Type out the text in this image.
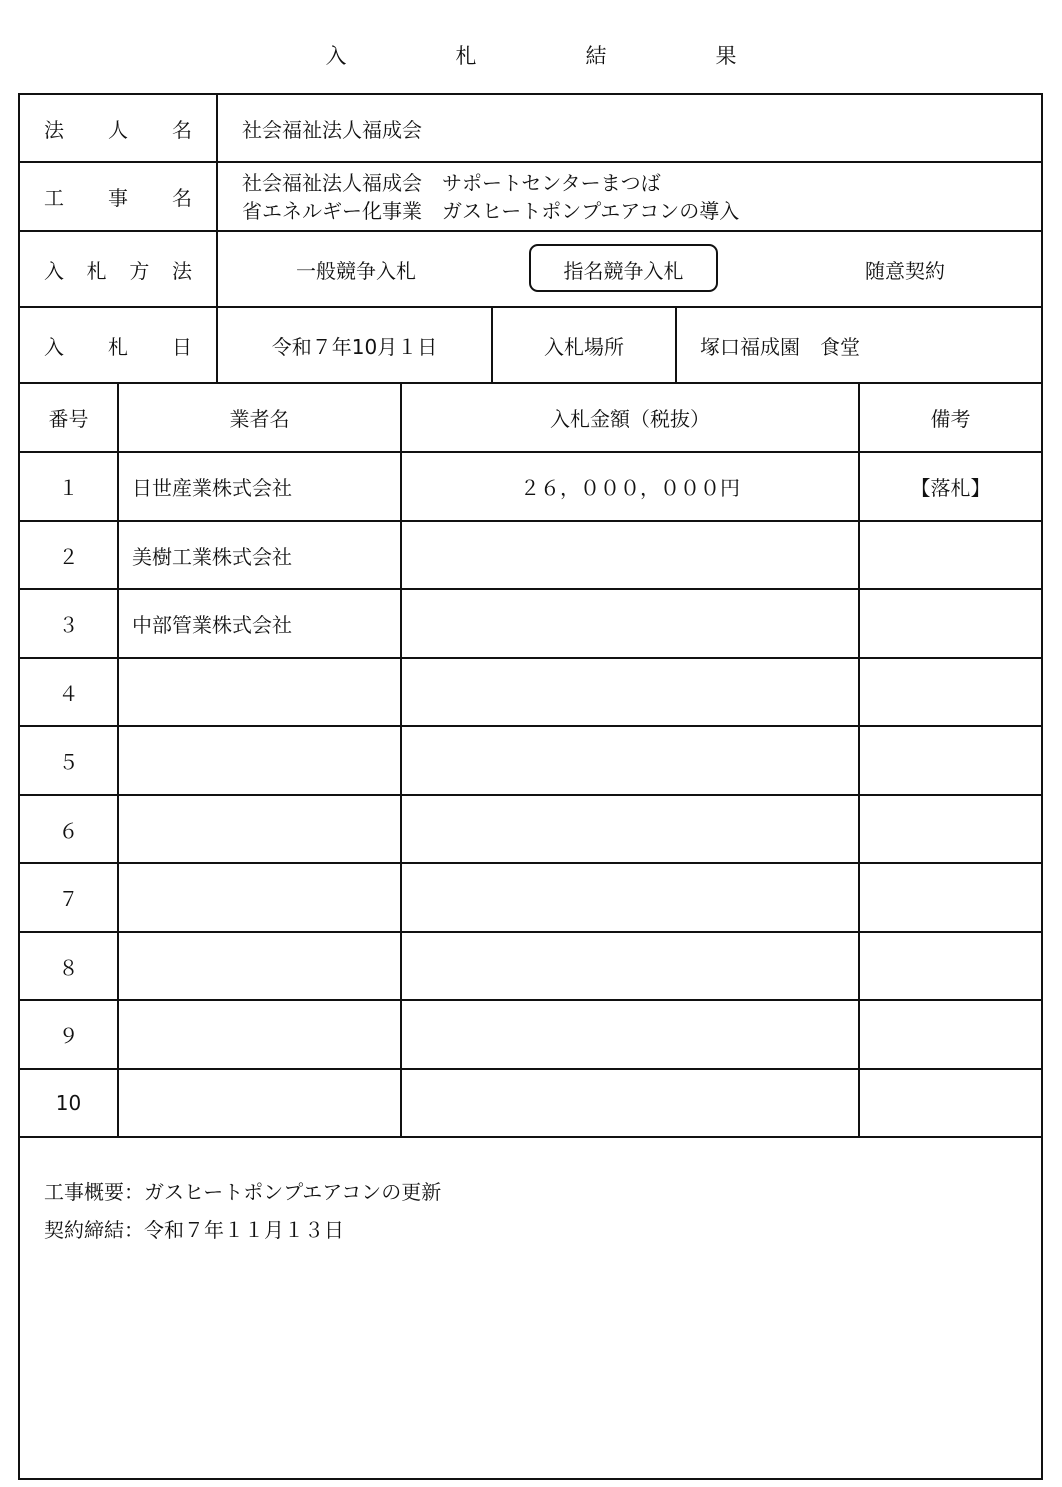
入　札　結　果
法 人 名	社会福祉法人福成会
工 事 名
社会福祉法人福成会　サポートセンターまつば
省エネルギー化事業　ガスヒートポンプエアコンの導入
入 札 方 法	一般競争入札	指名競争入札	随意契約
入 札 日	令和７年10月１日	入札場所	塚口福成園　食堂
番号	業者名	入札金額（税抜）	備考
１	日世産業株式会社	２６，０００，０００円	【落札】
２	美樹工業株式会社
３	中部管業株式会社
４
５
６
７
８
９
10
工事概要：ガスヒートポンプエアコンの更新
契約締結：令和７年１１月１３日
